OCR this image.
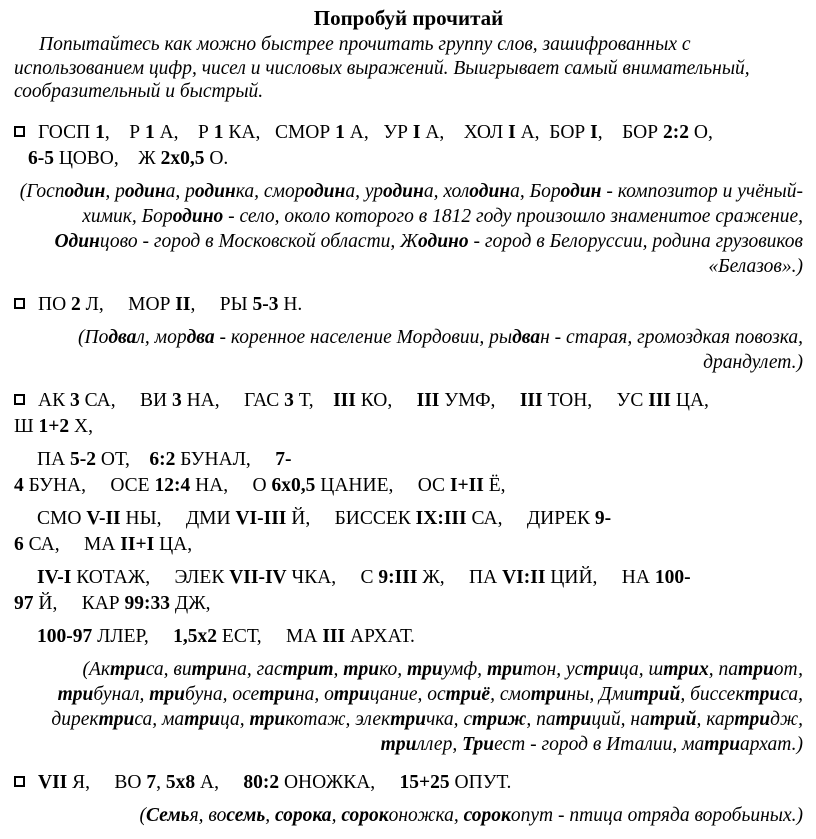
Попробуй прочитай
Попытайтесь как можно быстрее прочитать группу слов, зашифрованных с использованием цифр, чисел и числовых выражений. Выигрывает самый внимательный, сообразительный и быстрый.
ГОСП 1,    Р 1 А,    Р 1 КА,   СМОР 1 А,   УР I А,    ХОЛ I А,  БОР I,    БОР 2:2 О,
6-5 ЦОВО,    Ж 2х0,5 О.
(Господин, родина, родинка, смородина, уродина, холодина, Бородин - композитор и учёный-химик, Бородино - село, около которого в 1812 году произошло знаменитое сражение, Одинцово - город в Московской области, Жодино - город в Белоруссии, родина грузовиков «Белазов».)
ПО 2 Л,     МОР II,     РЫ 5-3 Н.
(Подвал, мордва - коренное население Мордовии, рыдван - старая, громоздкая повозка, драндулет.)
АК 3 СА,     ВИ 3 НА,     ГАС 3 Т,    III КО,     III УМФ,     III ТОН,     УС III ЦА,
Ш 1+2 Х,
ПА 5-2 ОТ,    6:2 БУНАЛ,     7-
4 БУНА,     ОСЕ 12:4 НА,     О 6х0,5 ЦАНИЕ,     ОС I+II Ё,
СМО V-II НЫ,     ДМИ VI-III Й,     БИССЕК IX:III СА,     ДИРЕК 9-
6 СА,     МА II+I ЦА,
IV-I КОТАЖ,     ЭЛЕК VII-IV ЧКА,     С 9:III Ж,     ПА VI:II ЦИЙ,     НА 100-
97 Й,     КАР 99:33 ДЖ,
100-97 ЛЛЕР,     1,5х2 ЕСТ,     МА III АРХАТ.
(Актриса, витрина, гастрит, трико, триумф, тритон, устрица, штрих, патриот, трибунал, трибуна, осетрина, отрицание, остриё, смотрины, Дмитрий, биссектриса, директриса, матрица, трикотаж, электричка, стриж, патриций, натрий, картридж, триллер, Триест - город в Италии, матриархат.)
VII Я,     ВО 7, 5х8 А,     80:2 ОНОЖКА,     15+25 ОПУТ.
(Семья, восемь, сорока, сороконожка, сорокопут - птица отряда воробьиных.)
